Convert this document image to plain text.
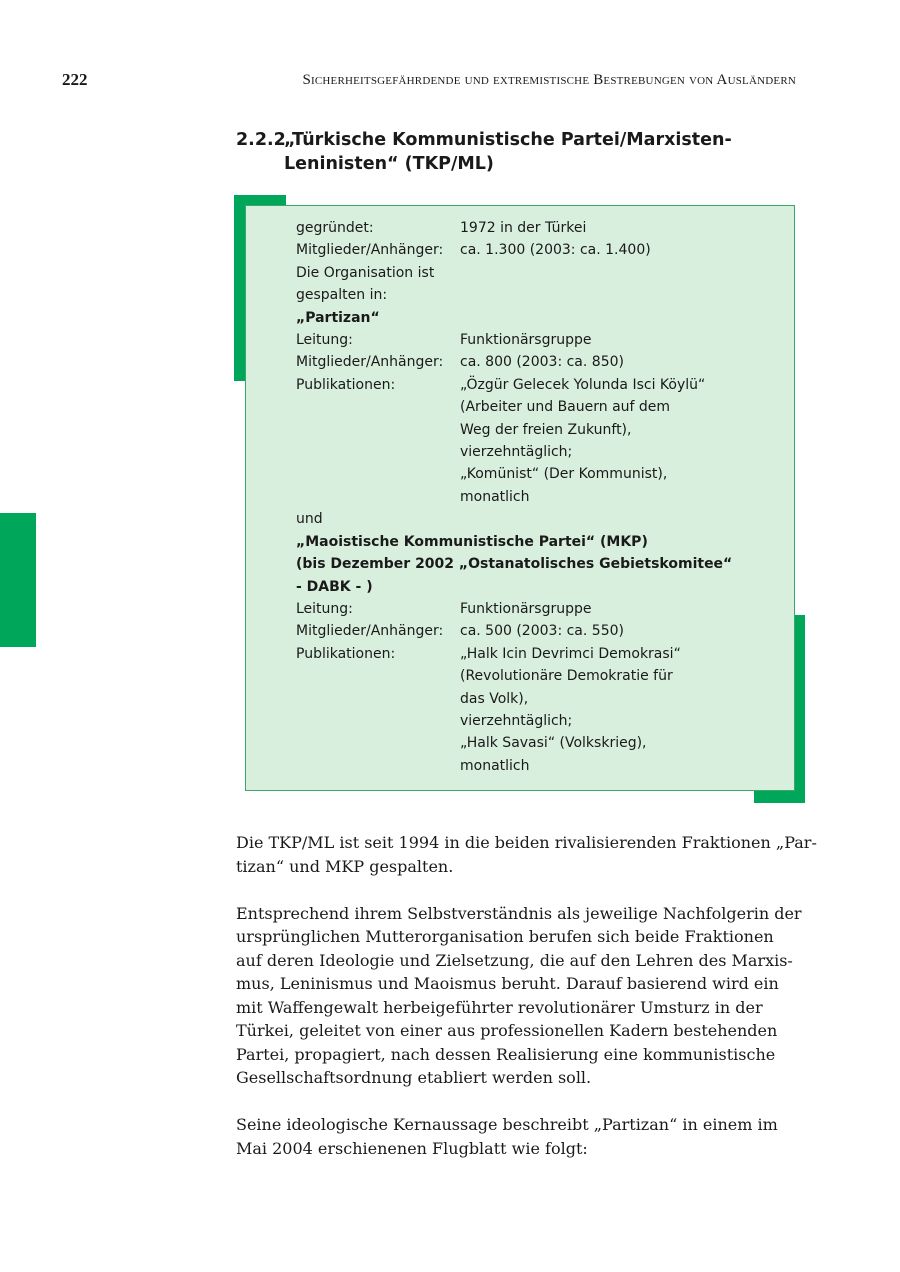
222	Sicherheitsgefährdende und extremistische Bestrebungen von Ausländern
2.2.2„Türkische Kommunistische Partei/Marxisten-
Leninisten“ (TKP/ML)
gegründet:	1972 in der Türkei
Mitglieder/Anhänger:	ca. 1.300 (2003: ca. 1.400)
Die Organisation ist
gespalten in:
„Partizan“
Leitung:	Funktionärsgruppe
Mitglieder/Anhänger:	ca. 800 (2003: ca. 850)
Publikationen:	„Özgür Gelecek Yolunda Isci Köylü“
(Arbeiter und Bauern auf dem
Weg der freien Zukunft),
vierzehntäglich;
„Komünist“ (Der Kommunist),
monatlich
und
„Maoistische Kommunistische Partei“ (MKP)
(bis Dezember 2002 „Ostanatolisches Gebietskomitee“
- DABK - )
Leitung:	Funktionärsgruppe
Mitglieder/Anhänger:	ca. 500 (2003: ca. 550)
Publikationen:	„Halk Icin Devrimci Demokrasi“
(Revolutionäre Demokratie für
das Volk),
vierzehntäglich;
„Halk Savasi“ (Volkskrieg),
monatlich

Die TKP/ML ist seit 1994 in die beiden rivalisierenden Fraktionen „Par-
tizan“ und MKP gespalten.

Entsprechend ihrem Selbstverständnis als jeweilige Nachfolgerin der
ursprünglichen Mutterorganisation berufen sich beide Fraktionen
auf deren Ideologie und Zielsetzung, die auf den Lehren des Marxis-
mus, Leninismus und Maoismus beruht. Darauf basierend wird ein
mit Waffengewalt herbeigeführter revolutionärer Umsturz in der
Türkei, geleitet von einer aus professionellen Kadern bestehenden
Partei, propagiert, nach dessen Realisierung eine kommunistische
Gesellschaftsordnung etabliert werden soll.

Seine ideologische Kernaussage beschreibt „Partizan“ in einem im
Mai 2004 erschienenen Flugblatt wie folgt:
